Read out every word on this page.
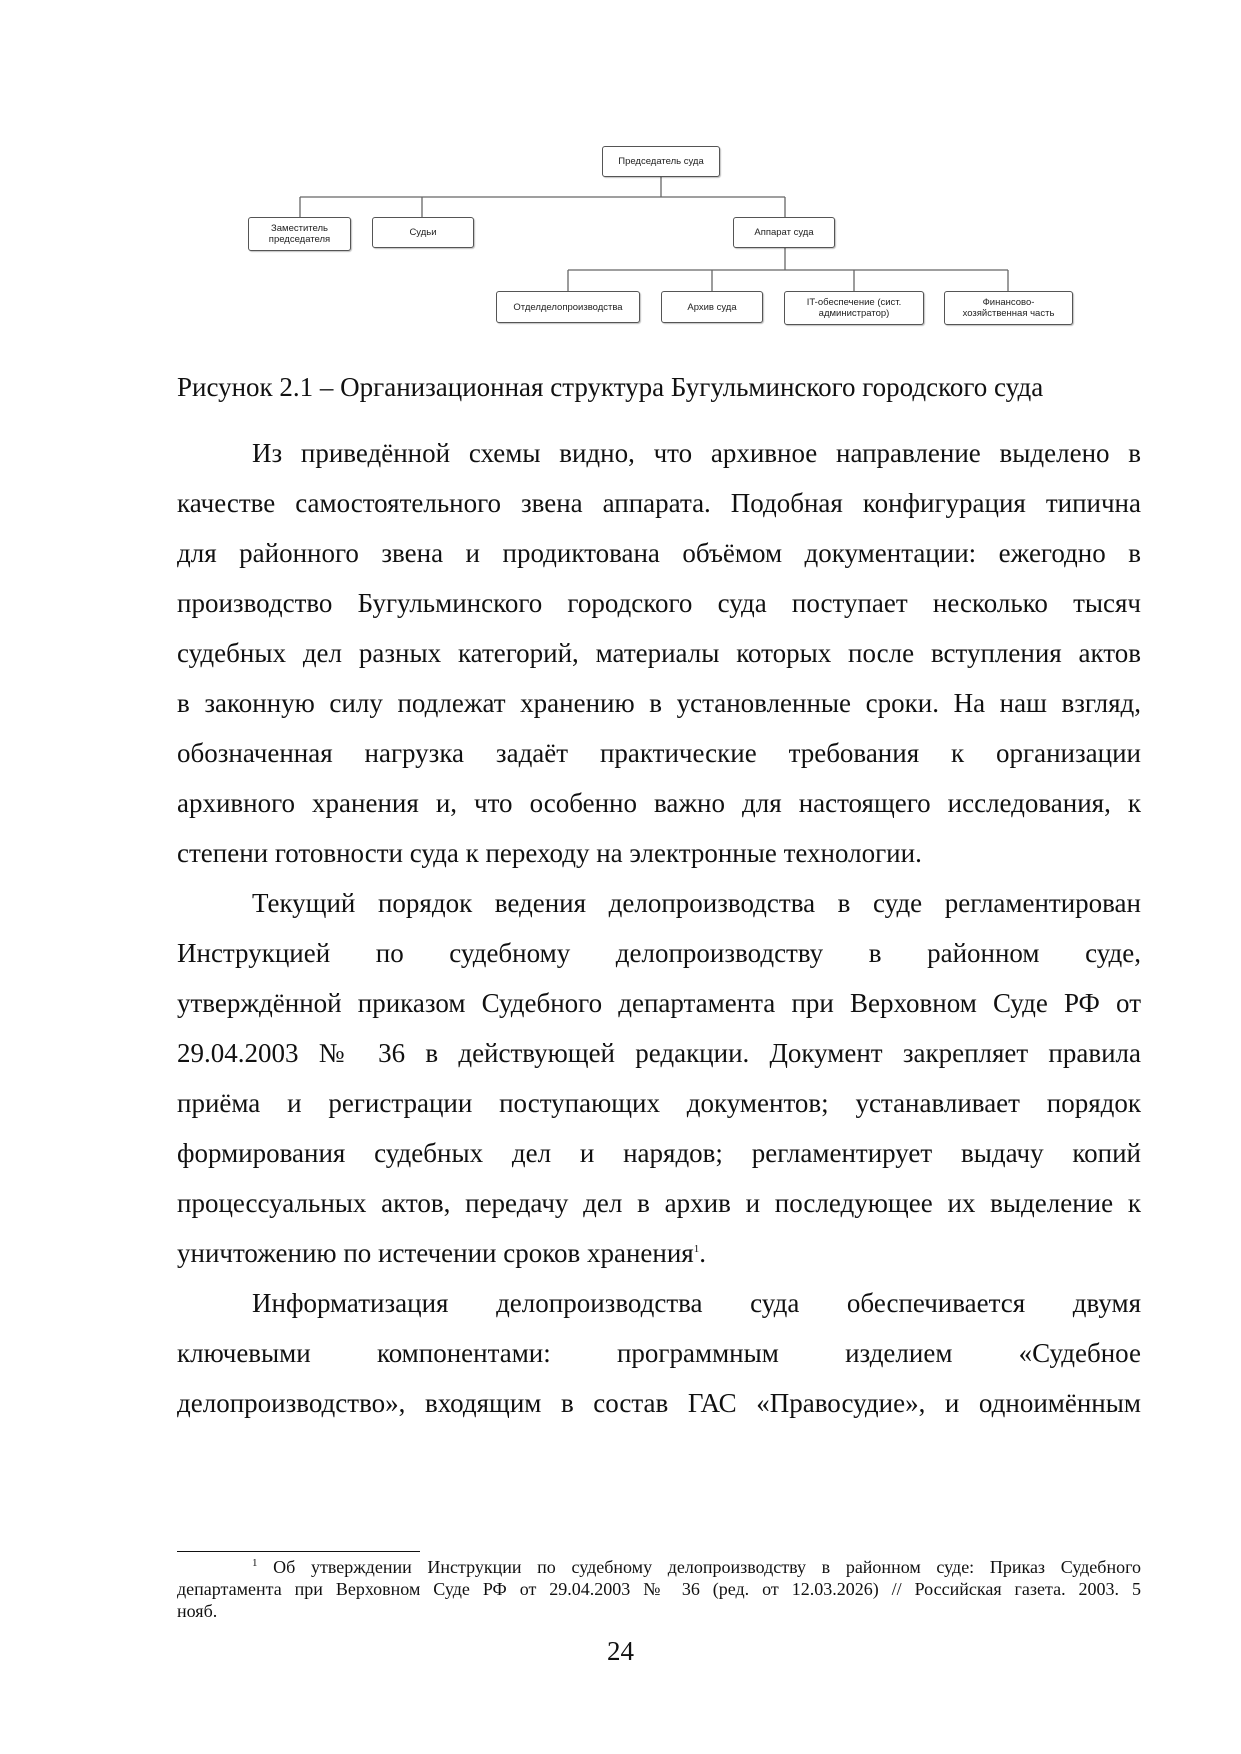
Председатель суда
Заместитель
председателя
Судьи	Аппарат суда
Отделделопроизводства	Архив суда	IT-обеспечение (сист.
администратор)
Финансово-
хозяйственная часть
Рисунок 2.1 – Организационная структура Бугульминского городского суда
Из приведённой схемы видно, что архивное направление выделено в
качестве самостоятельного звена аппарата. Подобная конфигурация типична
для районного звена и продиктована объёмом документации: ежегодно в
производство Бугульминского городского суда поступает несколько тысяч
судебных дел разных категорий, материалы которых после вступления актов
в законную силу подлежат хранению в установленные сроки. На наш взгляд,
обозначенная нагрузка задаёт практические требования к организации
архивного хранения и, что особенно важно для настоящего исследования, к
степени готовности суда к переходу на электронные технологии.
Текущий порядок ведения делопроизводства в суде регламентирован
Инструкцией по судебному делопроизводству в районном суде,
утверждённой приказом Судебного департамента при Верховном Суде РФ от
29.04.2003 № 36 в действующей редакции. Документ закрепляет правила
приёма и регистрации поступающих документов; устанавливает порядок
формирования судебных дел и нарядов; регламентирует выдачу копий
процессуальных актов, передачу дел в архив и последующее их выделение к
уничтожению по истечении сроков хранения$^1$.
Информатизация делопроизводства суда обеспечивается двумя
ключевыми компонентами: программным изделием «Судебное
делопроизводство», входящим в состав ГАС «Правосудие», и одноимённым
$^1$ Об утверждении Инструкции по судебному делопроизводству в районном суде: Приказ Судебного
департамента при Верховном Суде РФ от 29.04.2003 № 36 (ред. от 12.03.2026) // Российская газета. 2003. 5
нояб.
24
